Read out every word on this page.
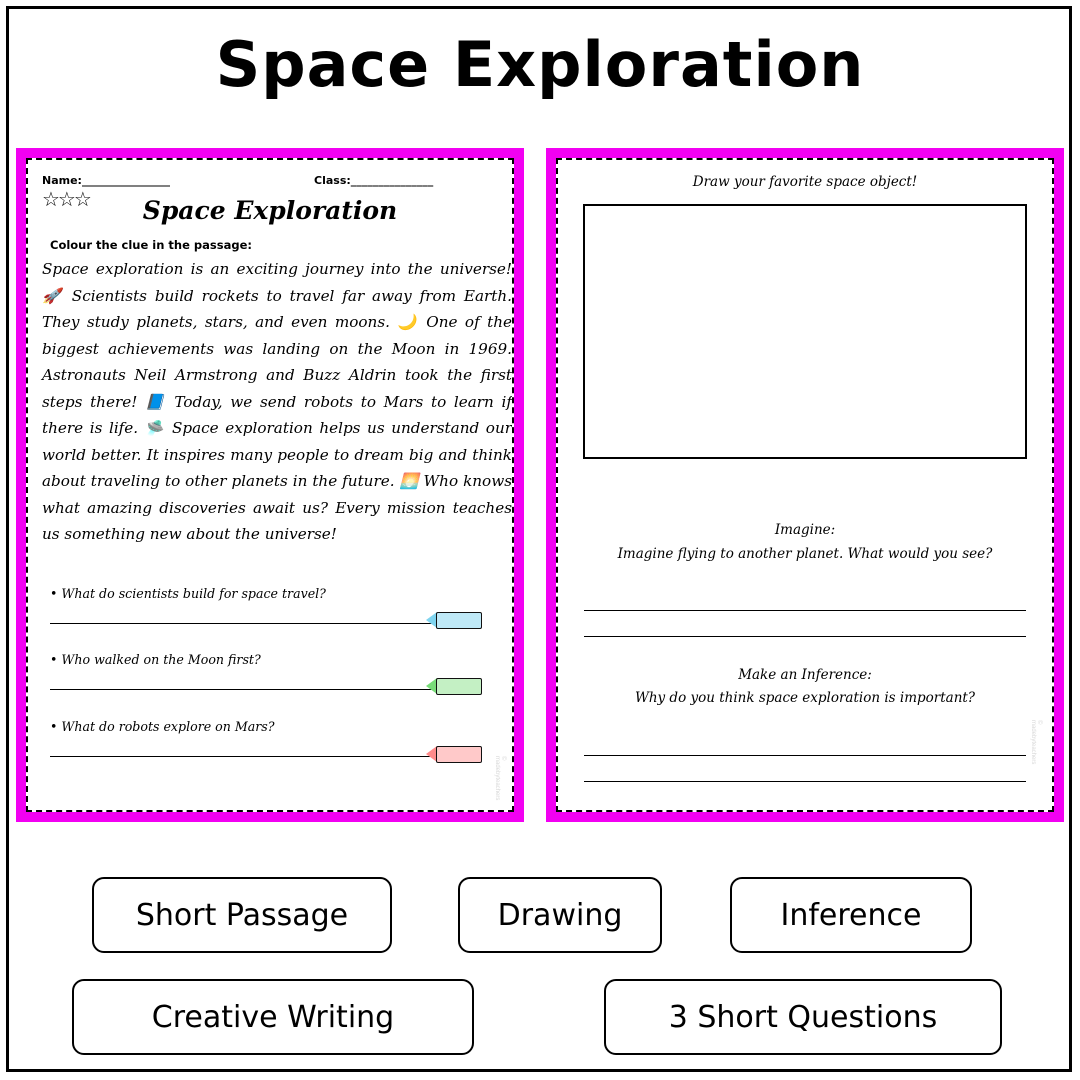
Space Exploration
Name:________________	Class:_______________
☆☆☆	Space Exploration
Colour the clue in the passage:
Space exploration is an exciting journey into the universe! 🚀 Scientists build rockets to travel far away from Earth. They study planets, stars, and even moons. 🌙 One of the biggest achievements was landing on the Moon in 1969. Astronauts Neil Armstrong and Buzz Aldrin took the first steps there! 📘 Today, we send robots to Mars to learn if there is life. 🛸 Space exploration helps us understand our world better. It inspires many people to dream big and think about traveling to other planets in the future. 🌅 Who knows what amazing discoveries await us? Every mission teaches us something new about the universe!
• What do scientists build for space travel?
• Who walked on the Moon first?
• What do robots explore on Mars?
© madebyteachers
Draw your favorite space object!
Imagine:
Imagine flying to another planet. What would you see?
Make an Inference:
Why do you think space exploration is important?
© madebyteachers
Short Passage	Drawing	Inference
Creative Writing	3 Short Questions
